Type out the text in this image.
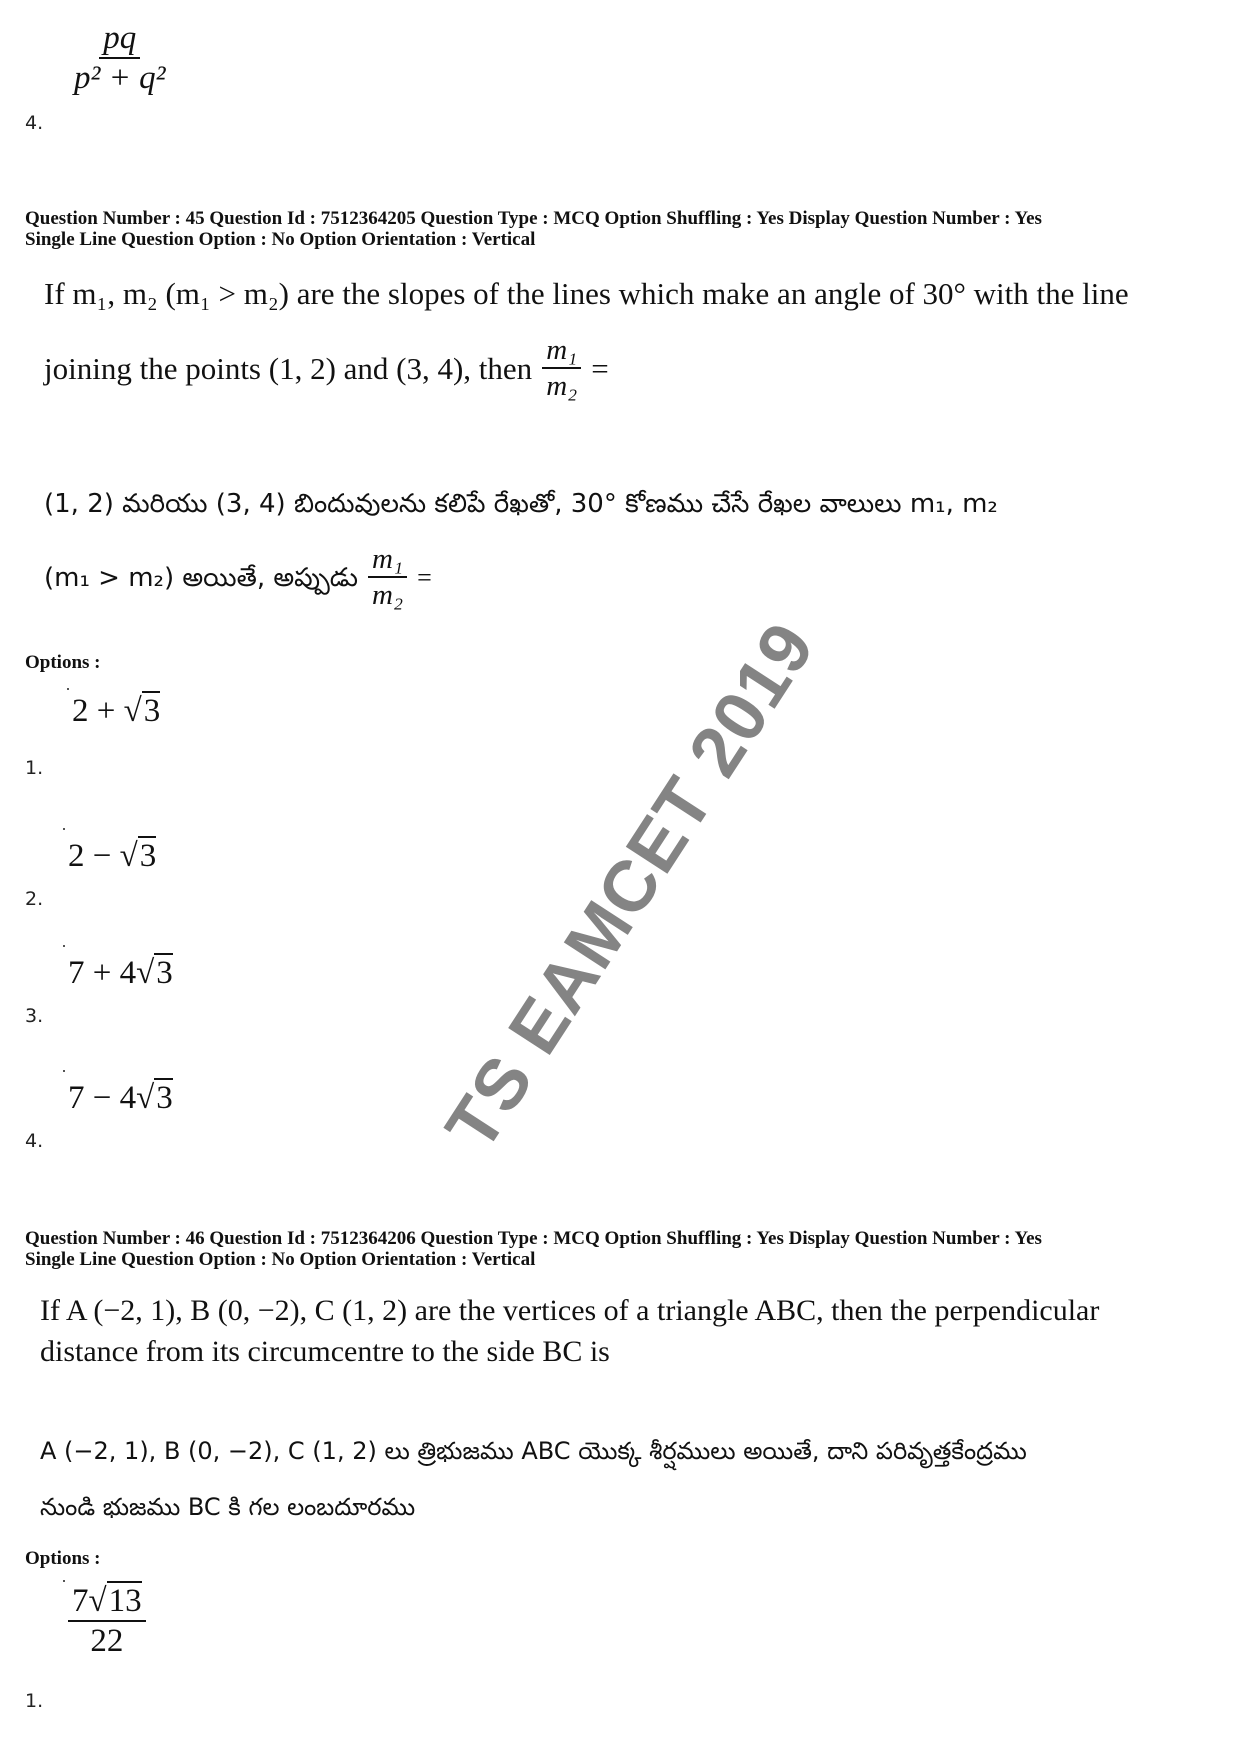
$\frac{pq}{\text{p² + q²}}$
4.
Question Number : 45 Question Id : 7512364205 Question Type : MCQ Option Shuffling : Yes Display Question Number : Yes
Single Line Question Option : No Option Orientation : Vertical
If m₁, m₂ (m₁ > m₂) are the slopes of the lines which make an angle of 30° with the line
joining the points (1, 2) and (3, 4), then $\frac{\text{m₁}}{\text{m₂}}$ =
(1, 2) మరియు (3, 4) బిందువులను కలిపే రేఖతో, 30° కోణము చేసే రేఖల వాలులు m₁, m₂
(m₁ > m₂) అయితే, అప్పుడు $\frac{\text{m₁}}{\text{m₂}}$ =
Options :
2 + √3
1.
2 − √3
2.
7 + 4√3
3.
7 − 4√3
4.
Question Number : 46 Question Id : 7512364206 Question Type : MCQ Option Shuffling : Yes Display Question Number : Yes
Single Line Question Option : No Option Orientation : Vertical
If A (−2, 1), B (0, −2), C (1, 2) are the vertices of a triangle ABC, then the perpendicular
distance from its circumcentre to the side BC is
A (−2, 1), B (0, −2), C (1, 2) లు త్రిభుజము ABC యొక్క శీర్షములు అయితే, దాని పరివృత్తకేంద్రము
నుండి భుజము BC కి గల లంబదూరము
Options :
$\frac{7√13}{22}$
1.
TS EAMCET 2019
